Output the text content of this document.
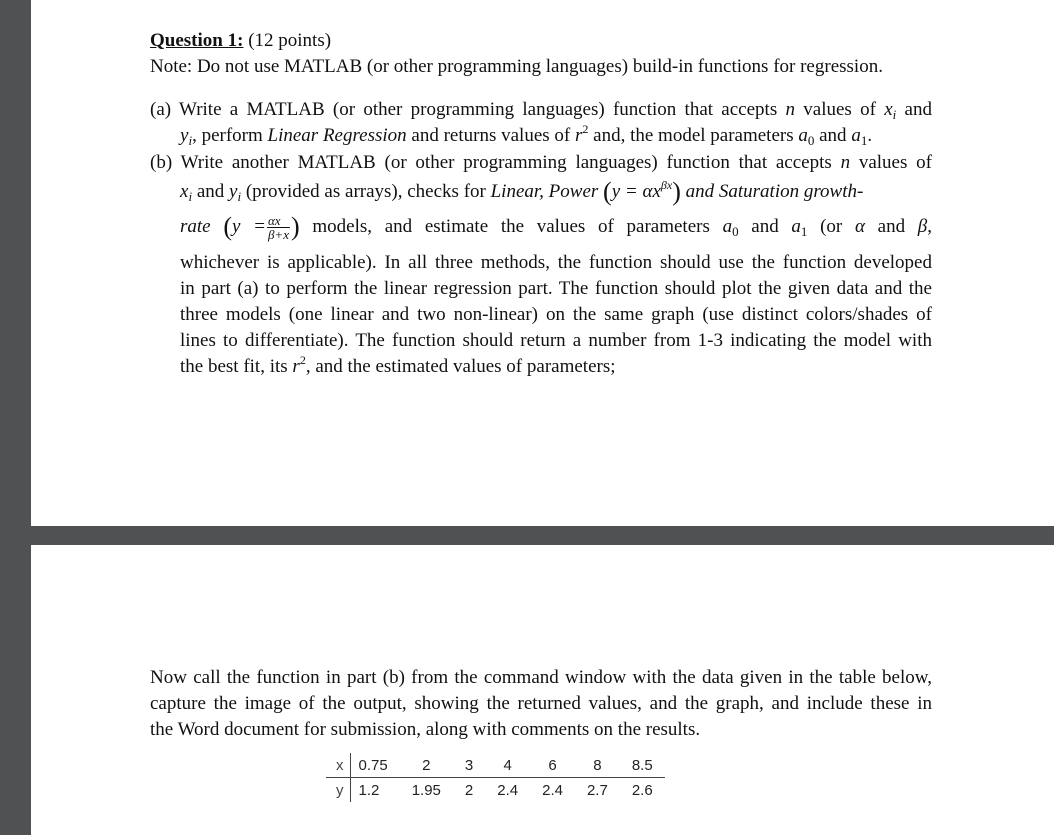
Question 1: (12 points)
Note: Do not use MATLAB (or other programming languages) build-in functions for regression.
(a) Write a MATLAB (or other programming languages) function that accepts n values of $x_i$ and
$y_i$, perform Linear Regression and returns values of $r^2$ and, the model parameters $a_0$ and $a_1$.
(b) Write another MATLAB (or other programming languages) function that accepts n values of
$x_i$ and $y_i$ (provided as arrays), checks for Linear, Power $(y = \alpha x^{\beta x})$ and Saturation growth-
rate ($y = \frac{\alpha x}{\beta+x}$ ) models, and estimate the values of parameters $a_0$ and $a_1$ (or α and β,
whichever is applicable). In all three methods, the function should use the function developed
in part (a) to perform the linear regression part. The function should plot the given data and the
three models (one linear and two non-linear) on the same graph (use distinct colors/shades of
lines to differentiate). The function should return a number from 1-3 indicating the model with
the best fit, its $r^2$, and the estimated values of parameters;
Now call the function in part (b) from the command window with the data given in the table below,
capture the image of the output, showing the returned values, and the graph, and include these in
the Word document for submission, along with comments on the results.
x	0.75	2	3	4	6	8	8.5
y	1.2	1.95	2	2.4	2.4	2.7	2.6
